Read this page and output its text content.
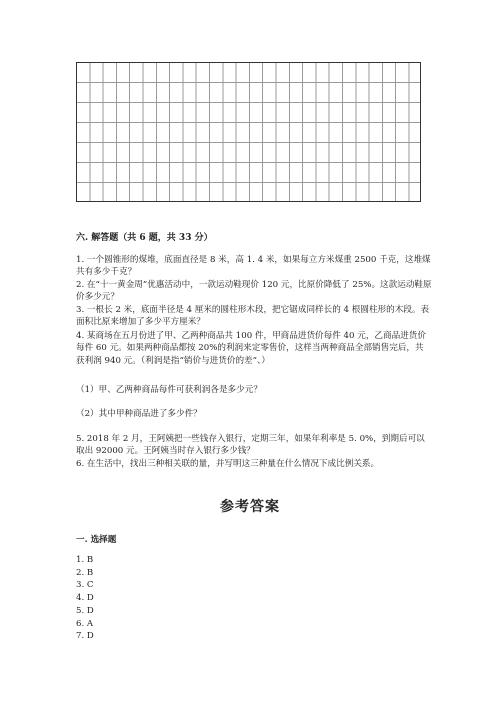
六. 解答题（共 6 题，共 33 分）

1. 一个圆锥形的煤堆，底面直径是 8 米，高 1. 4 米，如果每立方米煤重 2500 千克，这堆煤共有多少千克？

2. 在“十一黄金周”优惠活动中，一款运动鞋现价 120 元，比原价降低了 25%。这款运动鞋原价多少元？

3. 一根长 2 米，底面半径是 4 厘米的圆柱形木段，把它锯成同样长的 4 根圆柱形的木段。表面积比原来增加了多少平方厘米？

4. 某商场在五月份进了甲、乙两种商品共 100 件，甲商品进货价每件 40 元，乙商品进货价每件 60 元。如果两种商品都按 20%的利润来定零售价，这样当两种商品全部销售完后，共获利润 940 元。（利润是指“销价与进货价的差”、）

（1）甲、乙两种商品每件可获利润各是多少元？

（2）其中甲种商品进了多少件？

5. 2018 年 2 月，王阿姨把一些钱存入银行，定期三年，如果年利率是 5. 0%，到期后可以取出 92000 元。王阿姨当时存入银行多少钱？

6. 在生活中，找出三种相关联的量，并写明这三种量在什么情况下成比例关系。

参考答案
一. 选择题
1. B
2. B
3. C
4. D
5. D
6. A
7. D
